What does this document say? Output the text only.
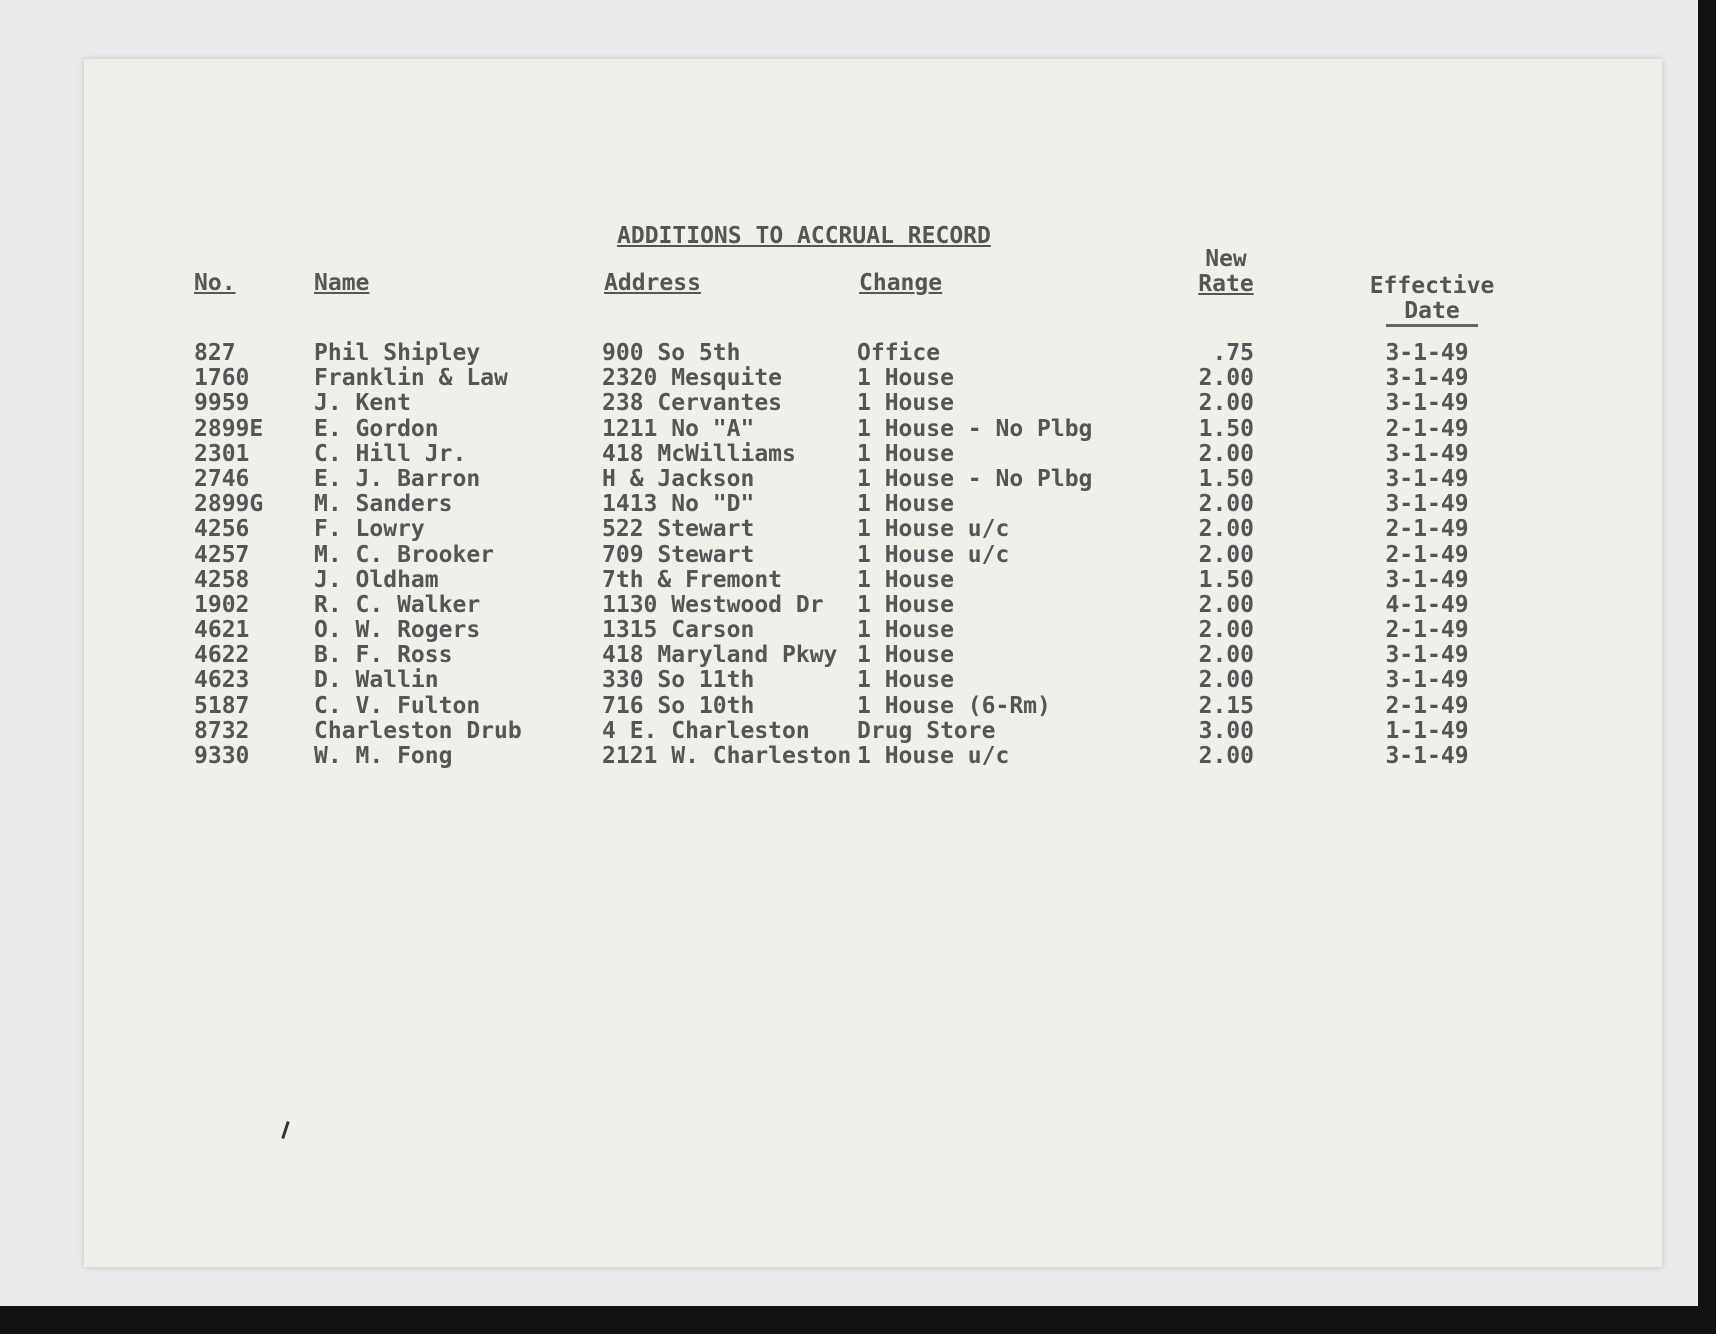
ADDITIONS TO ACCRUAL RECORD
No.	Name	Address	Change
New
Rate	Effective
Date
827	Phil Shipley	900 So 5th	Office	.75	3-1-49
1760	Franklin & Law	2320 Mesquite	1 House	2.00	3-1-49
9959	J. Kent	238 Cervantes	1 House	2.00	3-1-49
2899E E. Gordon	1211 No "A"	1 House - No Plbg	1.50	2-1-49
2301	C. Hill Jr.	418 McWilliams	1 House	2.00	3-1-49
2746	E. J. Barron	H & Jackson	1 House - No Plbg	1.50	3-1-49
2899G M. Sanders	1413 No "D"	1 House	2.00	3-1-49
4256	F. Lowry	522 Stewart	1 House u/c	2.00	2-1-49
4257	M. C. Brooker	709 Stewart	1 House u/c	2.00	2-1-49
4258	J. Oldham	7th & Fremont	1 House	1.50	3-1-49
1902	R. C. Walker	1130 Westwood Dr 1 House	2.00	4-1-49
4621	O. W. Rogers	1315 Carson	1 House	2.00	2-1-49
4622	B. F. Ross	418 Maryland Pkwy 1 House	2.00	3-1-49
4623	D. Wallin	330 So 11th	1 House	2.00	3-1-49
5187	C. V. Fulton	716 So 10th	1 House (6-Rm)	2.15	2-1-49
8732	Charleston Drub	4 E. Charleston Drug Store	3.00	1-1-49
9330	W. M. Fong	2121 W. Charleston 1 House u/c	2.00	3-1-49
